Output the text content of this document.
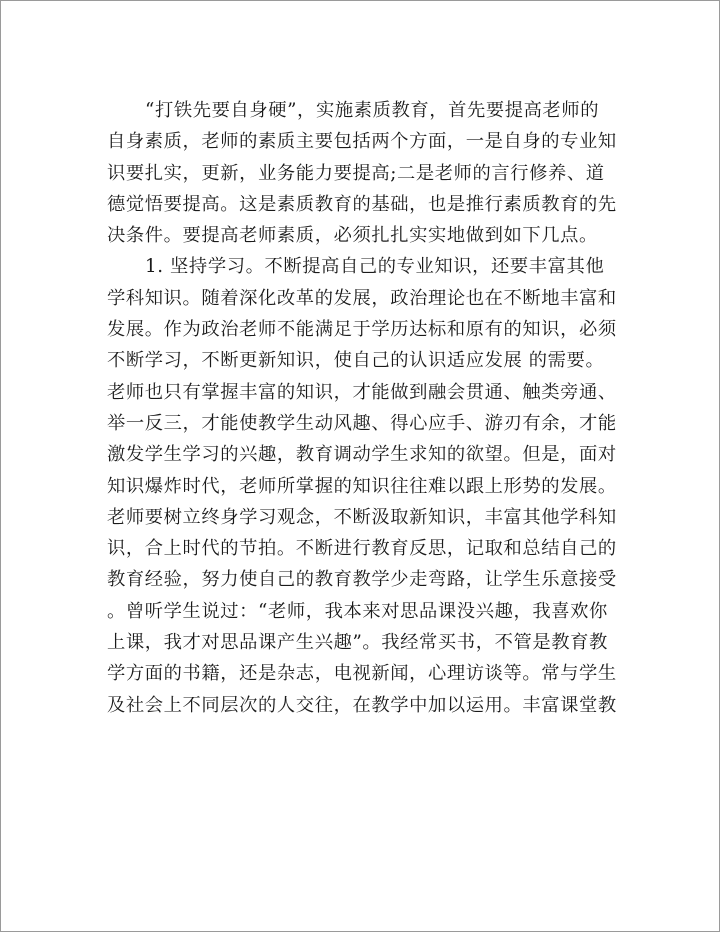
“打铁先要自身硬”，实施素质教育，首先要提高老师的
自身素质，老师的素质主要包括两个方面，一是自身的专业知
识要扎实，更新，业务能力要提高;二是老师的言行修养、道
德觉悟要提高。这是素质教育的基础，也是推行素质教育的先
决条件。要提高老师素质，必须扎扎实实地做到如下几点。
1. 坚持学习。不断提高自己的专业知识，还要丰富其他
学科知识。随着深化改革的发展，政治理论也在不断地丰富和
发展。作为政治老师不能满足于学历达标和原有的知识，必须
不断学习，不断更新知识，使自己的认识适应发展 的需要。
老师也只有掌握丰富的知识，才能做到融会贯通、触类旁通、
举一反三，才能使教学生动风趣、得心应手、游刃有余，才能
激发学生学习的兴趣，教育调动学生求知的欲望。但是，面对
知识爆炸时代，老师所掌握的知识往往难以跟上形势的发展。
老师要树立终身学习观念，不断汲取新知识，丰富其他学科知
识，合上时代的节拍。不断进行教育反思，记取和总结自己的
教育经验，努力使自己的教育教学少走弯路，让学生乐意接受
。曾听学生说过：“老师，我本来对思品课没兴趣，我喜欢你
上课，我才对思品课产生兴趣”。我经常买书，不管是教育教
学方面的书籍，还是杂志，电视新闻，心理访谈等。常与学生
及社会上不同层次的人交往，在教学中加以运用。丰富课堂教
